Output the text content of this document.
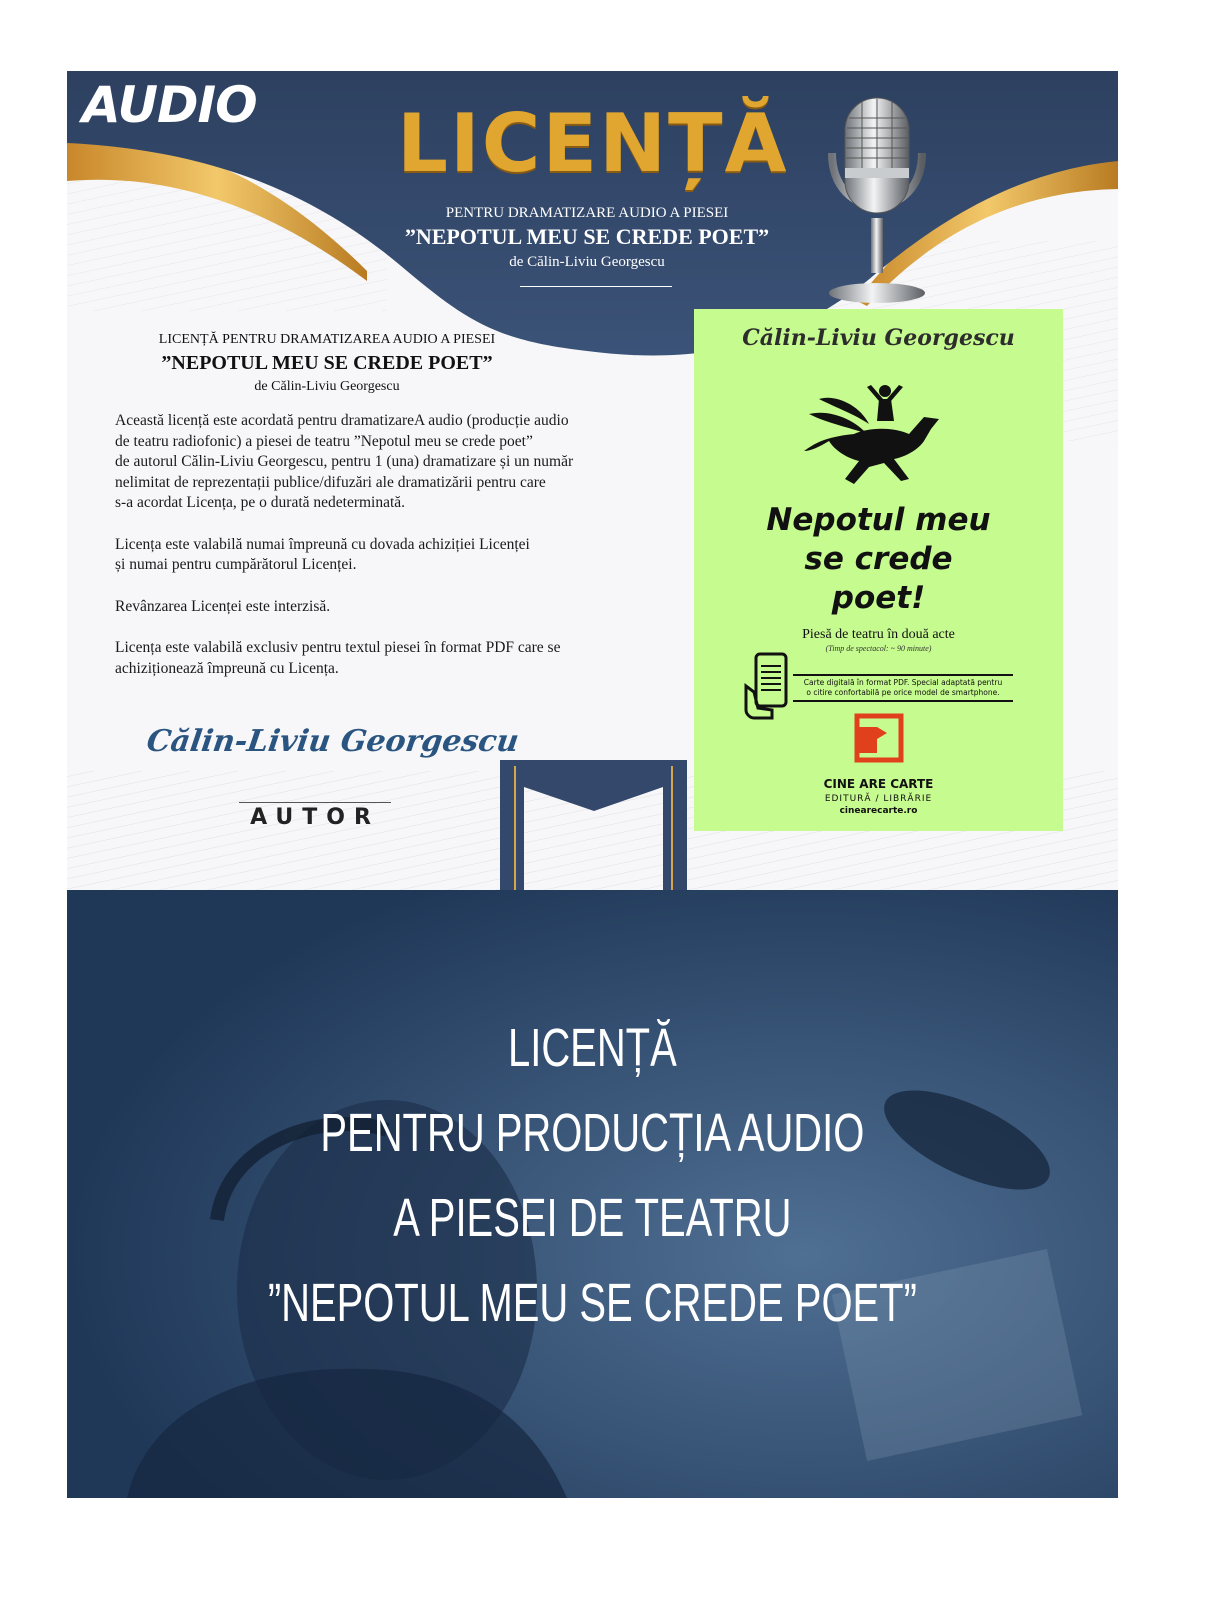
AUDIO LICENȚĂ
PENTRU DRAMATIZARE AUDIO A PIESEI
”NEPOTUL MEU SE CREDE POET”
de Călin-Liviu Georgescu
LICENȚĂ PENTRU DRAMATIZAREA AUDIO A PIESEI
”NEPOTUL MEU SE CREDE POET”
de Călin-Liviu Georgescu

Această licență este acordată pentru dramatizareA audio (producție audio
de teatru radiofonic) a piesei de teatru ”Nepotul meu se crede poet”
de autorul Călin-Liviu Georgescu, pentru 1 (una) dramatizare și un număr
nelimitat de reprezentații publice/difuzări ale dramatizării pentru care
s-a acordat Licența, pe o durată nedeterminată.

Licența este valabilă numai împreună cu dovada achiziției Licenței
și numai pentru cumpărătorul Licenței.

Revânzarea Licenței este interzisă.

Licența este valabilă exclusiv pentru textul piesei în format PDF care se
achiziționează împreună cu Licența.

Călin-Liviu Georgescu
AUTOR
Călin-Liviu Georgescu
Nepotul meu
se crede
poet!
Piesă de teatru în două acte
(Timp de spectacol: ~ 90 minute)
Carte digitală în format PDF. Special adaptată pentru
o citire confortabilă pe orice model de smartphone.
CINE ARE CARTE
EDITURĂ / LIBRĂRIE
cinearecarte.ro
LICENȚĂ
PENTRU PRODUCȚIA AUDIO
A PIESEI DE TEATRU
”NEPOTUL MEU SE CREDE POET”
